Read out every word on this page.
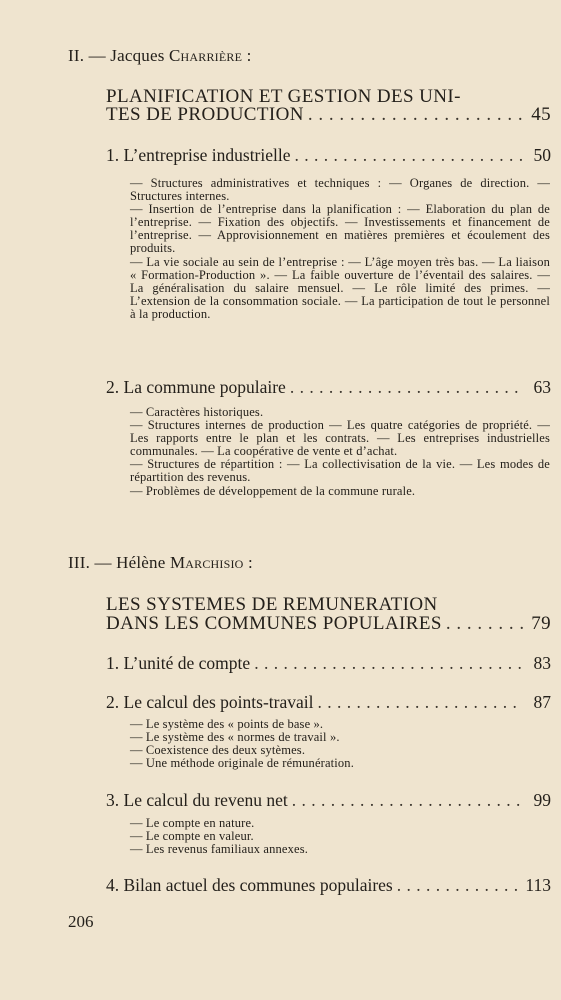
II. — Jacques Charrière :
PLANIFICATION ET GESTION DES UNI-
TES DE PRODUCTION . . .	45
1. L’entreprise industrielle . . .	50

— Structures administratives et techniques : — Organes de direction. — Structures internes.

— Insertion de l’entreprise dans la planification : — Elaboration du plan de l’entreprise. — Fixation des objectifs. — Investissements et financement de l’entreprise. — Approvisionnement en matières premières et écoulement des produits.

— La vie sociale au sein de l’entreprise : — L’âge moyen très bas. — La liaison « Formation-Production ». — La faible ouverture de l’éventail des salaires. — La généralisation du salaire mensuel. — Le rôle limité des primes. — L’extension de la consommation sociale. — La participation de tout le personnel à la production.

2. La commune populaire . . .	63

— Caractères historiques.

— Structures internes de production — Les quatre catégories de propriété. — Les rapports entre le plan et les contrats. — Les entreprises industrielles communales. — La coopérative de vente et d’achat.

— Structures de répartition : — La collectivisation de la vie. — Les modes de répartition des revenus.

— Problèmes de développement de la commune rurale.

III. — Hélène Marchisio :
LES SYSTEMES DE REMUNERATION
DANS LES COMMUNES POPULAIRES . . .	79
1. L’unité de compte . . .	83
2. Le calcul des points-travail . . .	87

— Le système des « points de base ».

— Le système des « normes de travail ».

— Coexistence des deux sytèmes.

— Une méthode originale de rémunération.

3. Le calcul du revenu net . . .	99

— Le compte en nature.

— Le compte en valeur.

— Les revenus familiaux annexes.

4. Bilan actuel des communes populaires . . .	113
206
